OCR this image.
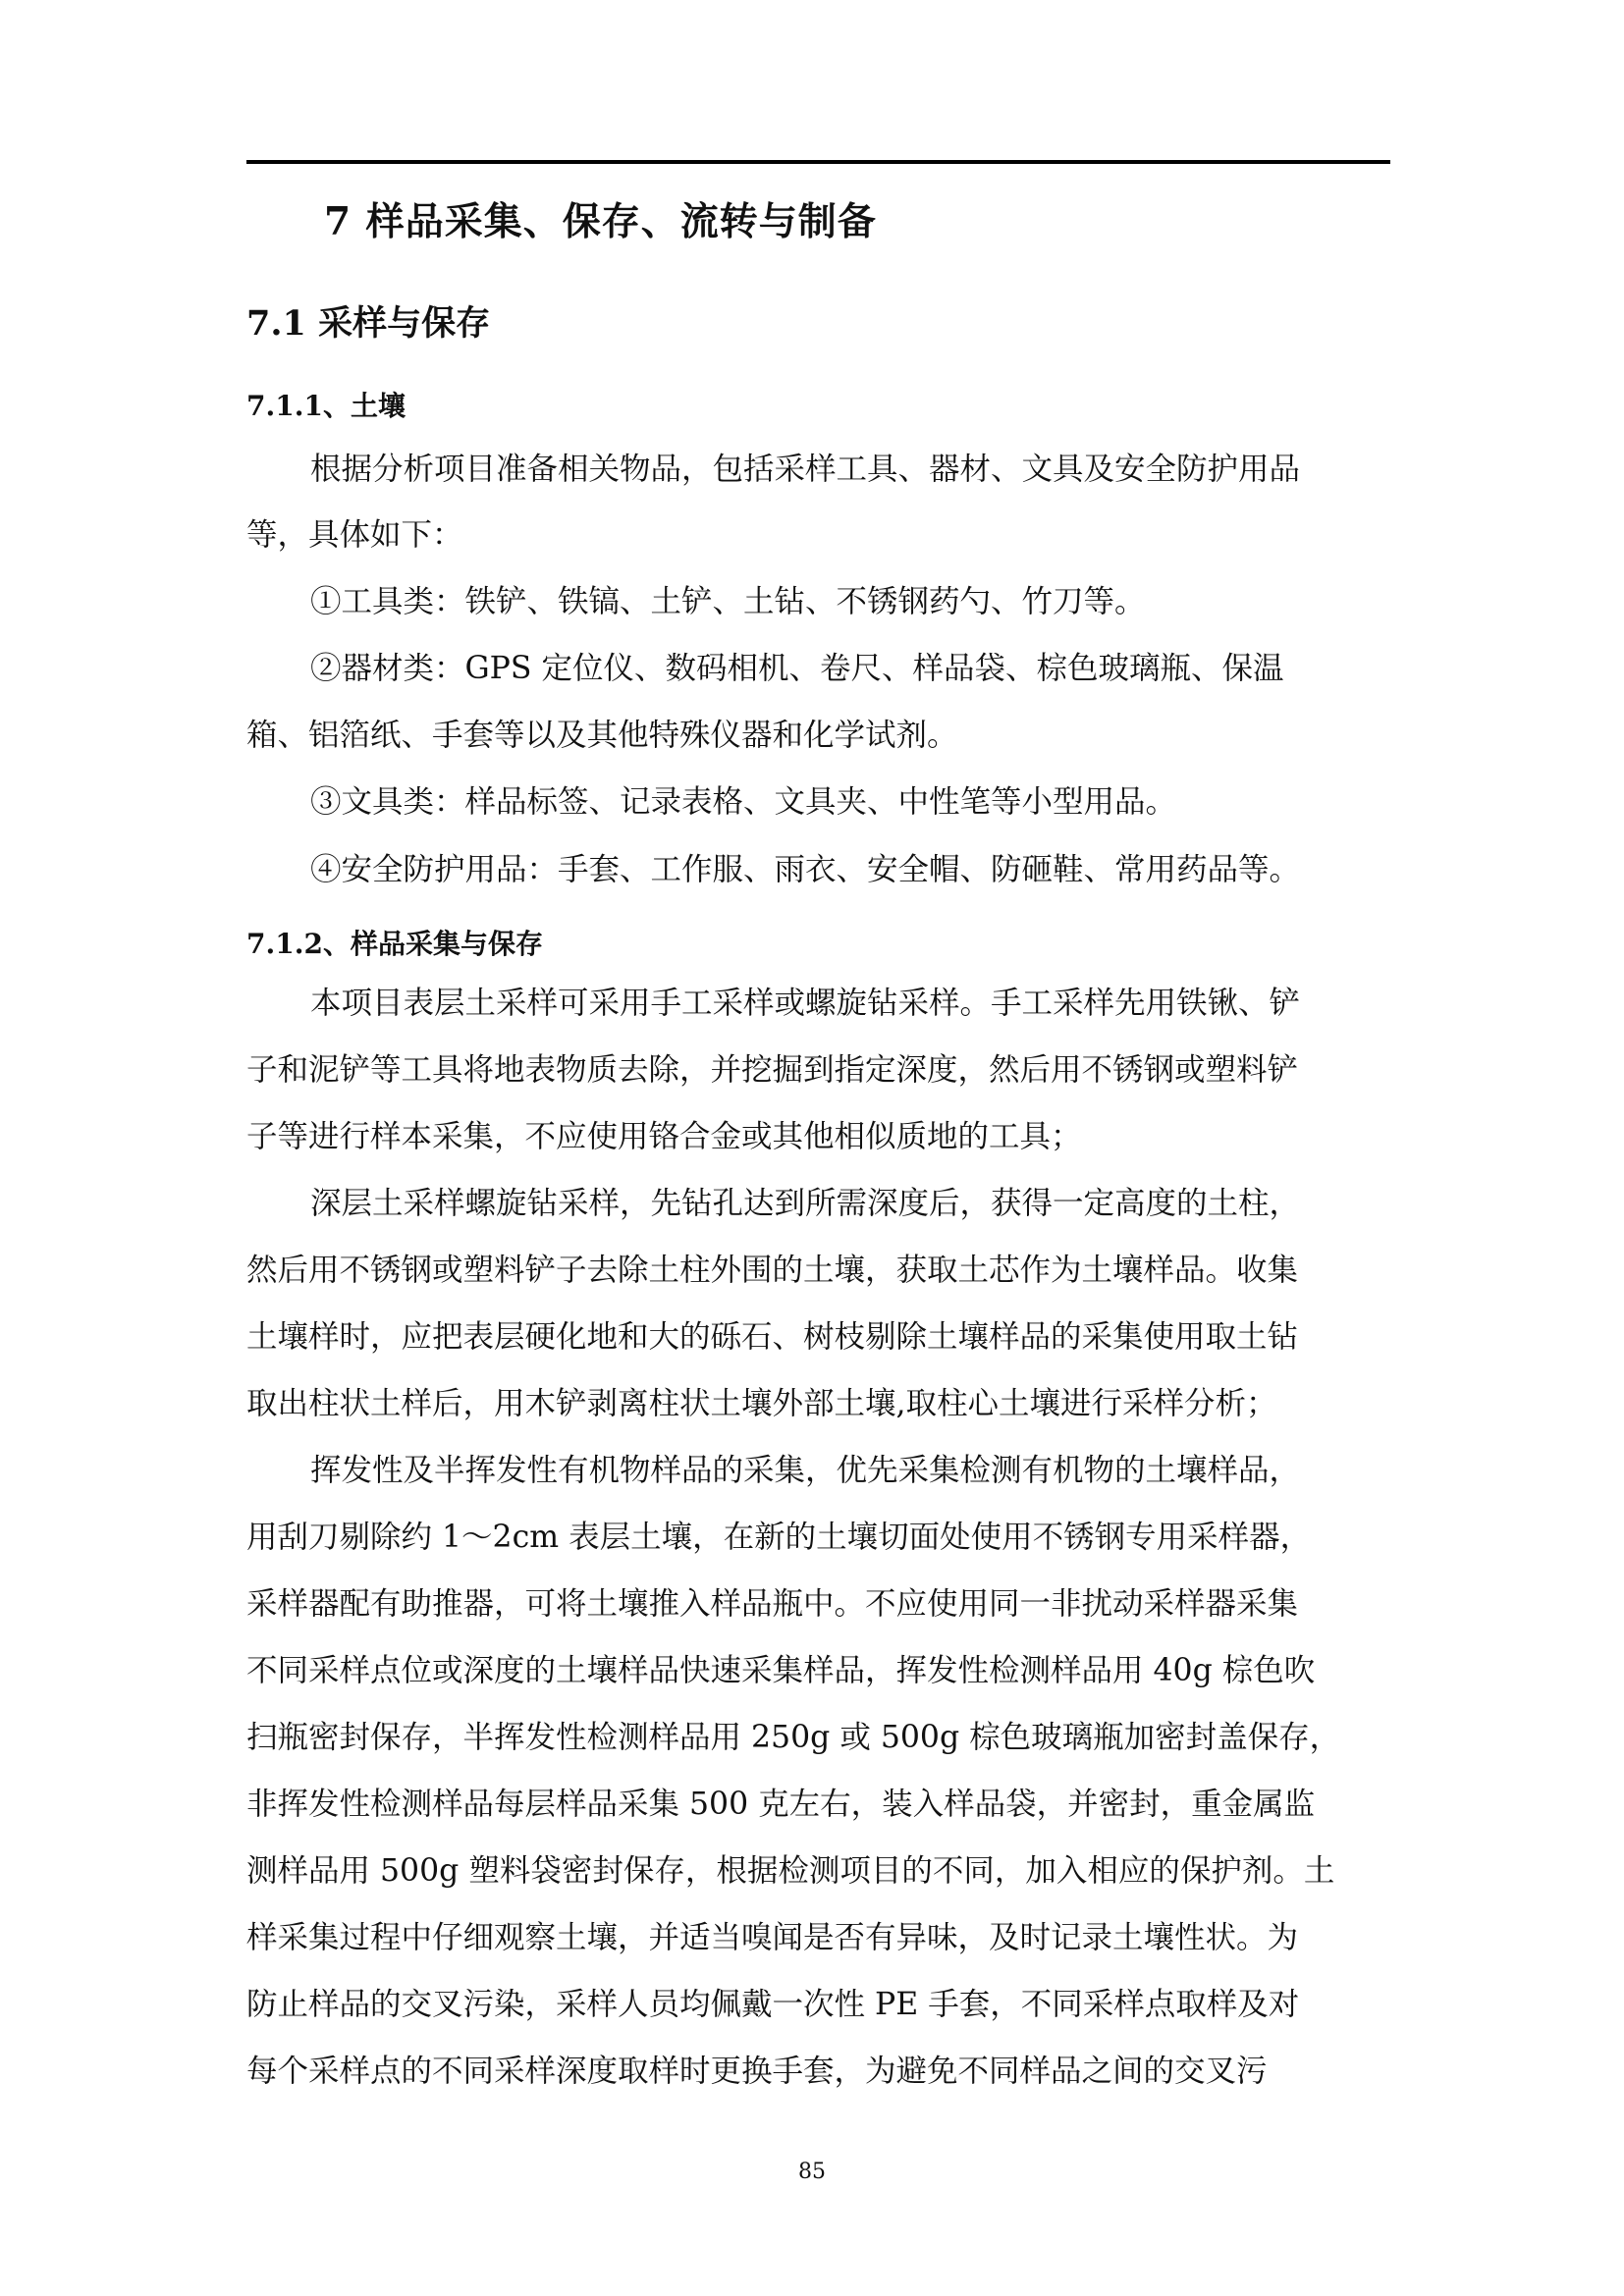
7 样品采集、保存、流转与制备
7.1 采样与保存
7.1.1、土壤
根据分析项目准备相关物品，包括采样工具、器材、文具及安全防护用品
等，具体如下：
①工具类：铁铲、铁镐、土铲、土钻、不锈钢药勺、竹刀等。
②器材类：GPS 定位仪、数码相机、卷尺、样品袋、棕色玻璃瓶、保温
箱、铝箔纸、手套等以及其他特殊仪器和化学试剂。
③文具类：样品标签、记录表格、文具夹、中性笔等小型用品。
④安全防护用品：手套、工作服、雨衣、安全帽、防砸鞋、常用药品等。
7.1.2、样品采集与保存
本项目表层土采样可采用手工采样或螺旋钻采样。手工采样先用铁锹、铲
子和泥铲等工具将地表物质去除，并挖掘到指定深度，然后用不锈钢或塑料铲
子等进行样本采集，不应使用铬合金或其他相似质地的工具；
深层土采样螺旋钻采样，先钻孔达到所需深度后，获得一定高度的土柱，
然后用不锈钢或塑料铲子去除土柱外围的土壤，获取土芯作为土壤样品。收集
土壤样时，应把表层硬化地和大的砾石、树枝剔除土壤样品的采集使用取土钻
取出柱状土样后，用木铲剥离柱状土壤外部土壤,取柱心土壤进行采样分析；
挥发性及半挥发性有机物样品的采集，优先采集检测有机物的土壤样品，
用刮刀剔除约 1～2cm 表层土壤，在新的土壤切面处使用不锈钢专用采样器，
采样器配有助推器，可将土壤推入样品瓶中。不应使用同一非扰动采样器采集
不同采样点位或深度的土壤样品快速采集样品，挥发性检测样品用 40g 棕色吹
扫瓶密封保存，半挥发性检测样品用 250g 或 500g 棕色玻璃瓶加密封盖保存，
非挥发性检测样品每层样品采集 500 克左右，装入样品袋，并密封，重金属监
测样品用 500g 塑料袋密封保存，根据检测项目的不同，加入相应的保护剂。土
样采集过程中仔细观察土壤，并适当嗅闻是否有异味，及时记录土壤性状。为
防止样品的交叉污染，采样人员均佩戴一次性 PE 手套，不同采样点取样及对
每个采样点的不同采样深度取样时更换手套，为避免不同样品之间的交叉污
85
